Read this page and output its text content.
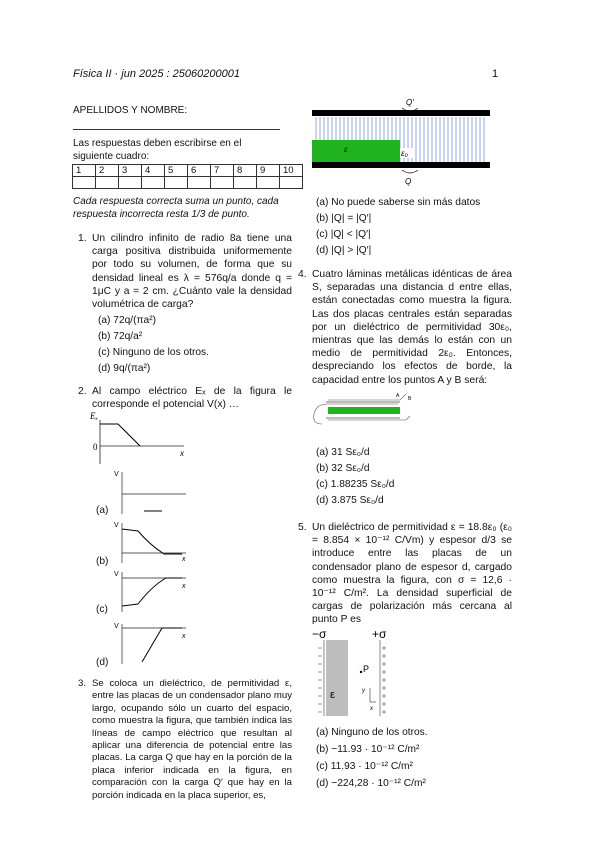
Física II · jun 2025 : 25060200001	1
APELLIDOS Y NOMBRE:
Las respuestas deben escribirse en el siguiente cuadro:
1	2	3	4	5	6	7	8	9	10

Cada respuesta correcta suma un punto, cada respuesta incorrecta resta 1/3 de punto.
1. Un cilindro infinito de radio 8a tiene una carga positiva distribuida uniformemente por todo su volumen, de forma que su densidad lineal es λ = 576q/a donde q = 1μC y a = 2 cm. ¿Cuánto vale la densidad volumétrica de carga?
(a) 72q/(πa²)
(b) 72q/a²
(c) Ninguno de los otros.
(d) 9q/(πa²)
2. Al campo eléctrico Eₓ de la figura le corresponde el potencial V(x) …
Eₓ
0
x
V
(a)
V
x
(b)
V
x
(c)
V
x
(d)
3. Se coloca un dieléctrico, de permitividad ε, entre las placas de un condensador plano muy largo, ocupando sólo un cuarto del espacio, como muestra la figura, que también indica las líneas de campo eléctrico que resultan al aplicar una diferencia de potencial entre las placas. La carga Q que hay en la porción de la placa inferior indicada en la figura, en comparación con la carga Q′ que hay en la porción indicada en la placa superior, es,
Q′
ε	ε₀
Q
(a) No puede saberse sin más datos
(b) |Q| = |Q′|
(c) |Q| < |Q′|
(d) |Q| > |Q′|
4. Cuatro láminas metálicas idénticas de área S, separadas una distancia d entre ellas, están conectadas como muestra la figura. Las dos placas centrales están separadas por un dieléctrico de permitividad 30ε₀, mientras que las demás lo están con un medio de permitividad 2ε₀. Entonces, despreciando los efectos de borde, la capacidad entre los puntos A y B será:
A B
(a) 31 Sε₀/d
(b) 32 Sε₀/d
(c) 1.88235 Sε₀/d
(d) 3.875 Sε₀/d
5. Un dieléctrico de permitividad ε = 18.8ε₀ (ε₀ = 8.854 × 10⁻¹² C/Vm) y espesor d/3 se introduce entre las placas de un condensador plano de espesor d, cargado como muestra la figura, con σ = 12,6 · 10⁻¹² C/m². La densidad superficial de cargas de polarización más cercana al punto P es
−σ	+σ
ε
P
y
x
(a) Ninguno de los otros.
(b) −11.93 · 10⁻¹² C/m²
(c) 11.93 · 10⁻¹² C/m²
(d) −224,28 · 10⁻¹² C/m²
